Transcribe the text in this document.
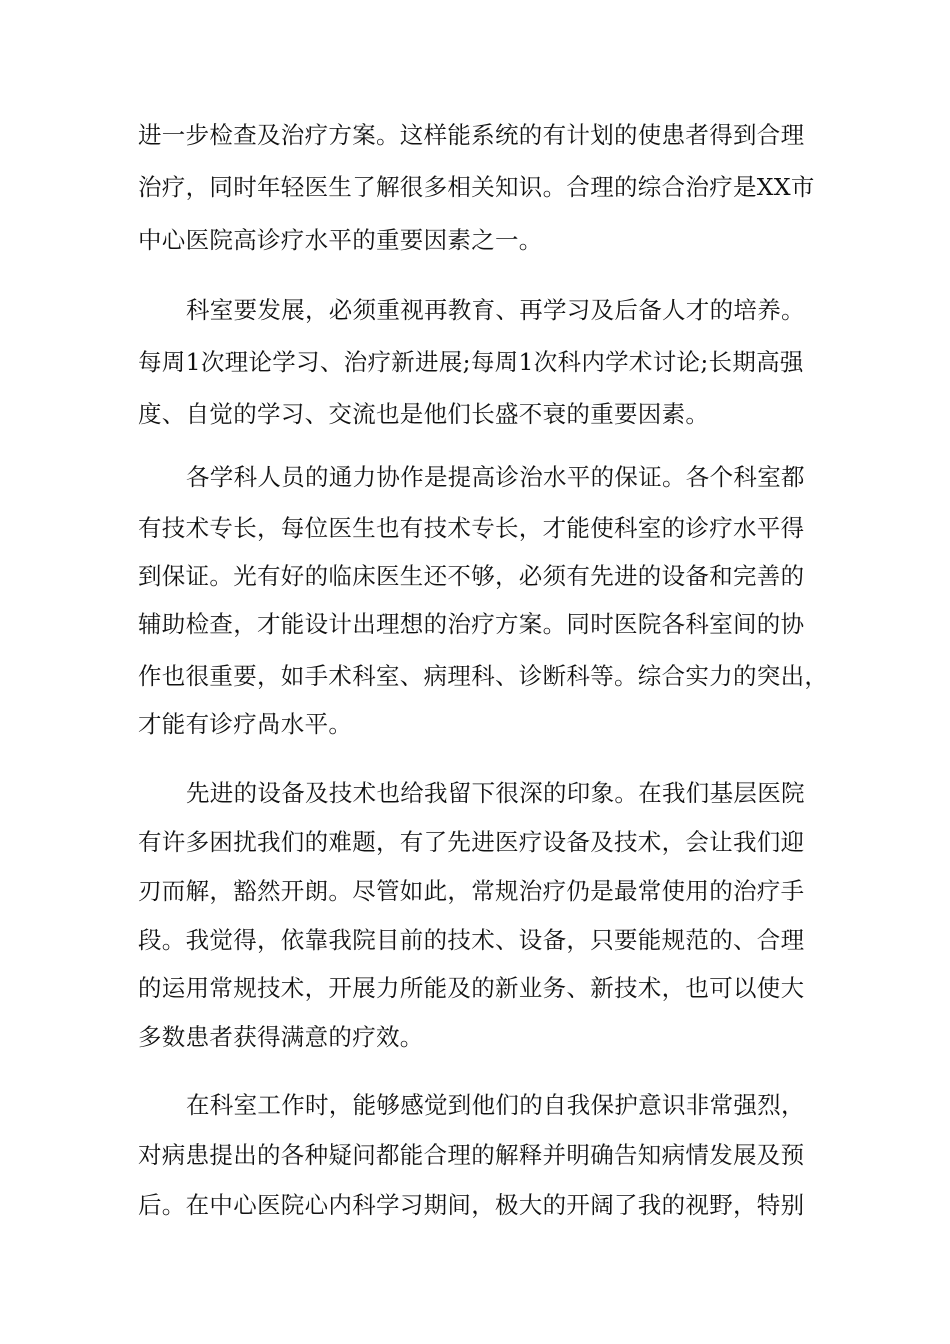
进一步检查及治疗方案。这样能系统的有计划的使患者得到合理

治疗，同时年轻医生了解很多相关知识。合理的综合治疗是XX市

中心医院高诊疗水平的重要因素之一。

科室要发展，必须重视再教育、再学习及后备人才的培养。

每周1次理论学习、治疗新进展;每周1次科内学术讨论;长期高强

度、自觉的学习、交流也是他们长盛不衰的重要因素。

各学科人员的通力协作是提高诊治水平的保证。各个科室都

有技术专长，每位医生也有技术专长，才能使科室的诊疗水平得

到保证。光有好的临床医生还不够，必须有先进的设备和完善的

辅助检查，才能设计出理想的治疗方案。同时医院各科室间的协

作也很重要，如手术科室、病理科、诊断科等。综合实力的突出，

才能有诊疗咼水平。

先进的设备及技术也给我留下很深的印象。在我们基层医院

有许多困扰我们的难题，有了先进医疗设备及技术，会让我们迎

刃而解，豁然开朗。尽管如此，常规治疗仍是最常使用的治疗手

段。我觉得，依靠我院目前的技术、设备，只要能规范的、合理

的运用常规技术，开展力所能及的新业务、新技术，也可以使大

多数患者获得满意的疗效。

在科室工作时，能够感觉到他们的自我保护意识非常强烈，

对病患提出的各种疑问都能合理的解释并明确告知病情发展及预

后。在中心医院心内科学习期间，极大的开阔了我的视野，特别
